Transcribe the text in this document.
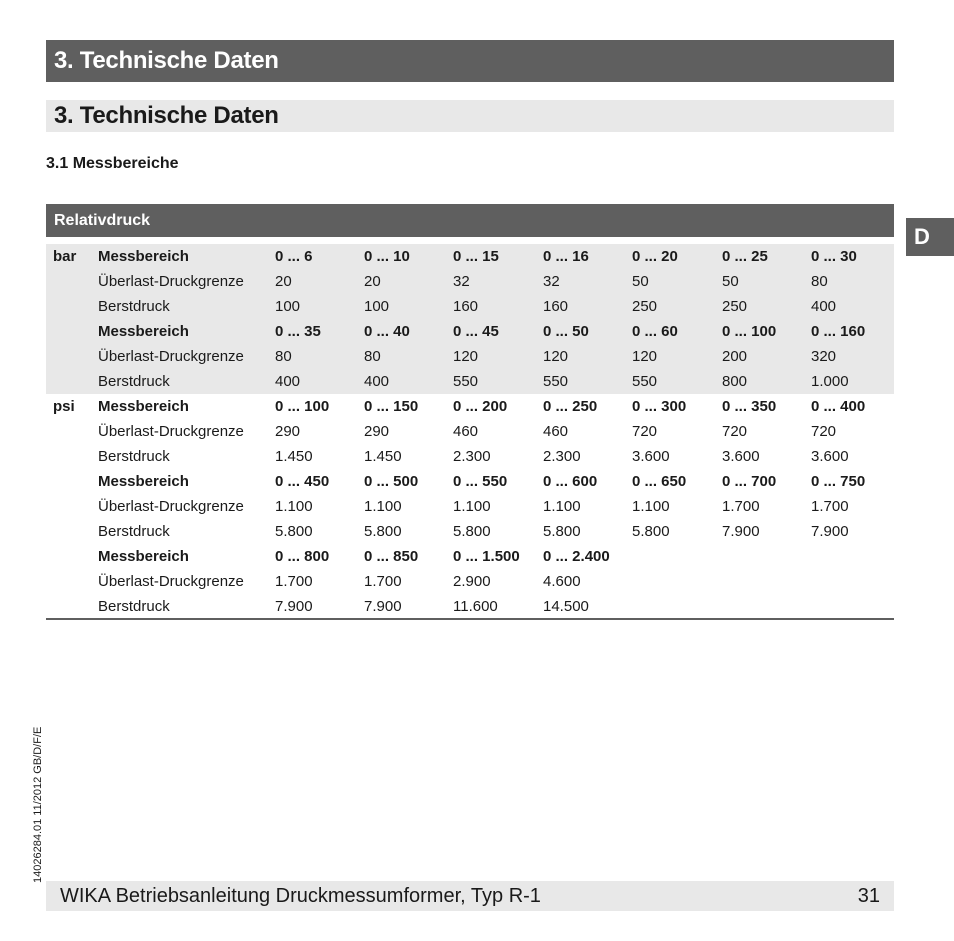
3. Technische Daten
3. Technische Daten
3.1 Messbereiche
Relativdruck
D
bar	Messbereich	0 ... 6	0 ... 10	0 ... 15	0 ... 16	0 ... 20	0 ... 25	0 ... 30
	Überlast-Druckgrenze	20	20	32	32	50	50	80
	Berstdruck	100	100	160	160	250	250	400
	Messbereich	0 ... 35	0 ... 40	0 ... 45	0 ... 50	0 ... 60	0 ... 100	0 ... 160
	Überlast-Druckgrenze	80	80	120	120	120	200	320
	Berstdruck	400	400	550	550	550	800	1.000
psi	Messbereich	0 ... 100	0 ... 150	0 ... 200	0 ... 250	0 ... 300	0 ... 350	0 ... 400
	Überlast-Druckgrenze	290	290	460	460	720	720	720
	Berstdruck	1.450	1.450	2.300	2.300	3.600	3.600	3.600
	Messbereich	0 ... 450	0 ... 500	0 ... 550	0 ... 600	0 ... 650	0 ... 700	0 ... 750
	Überlast-Druckgrenze	1.100	1.100	1.100	1.100	1.100	1.700	1.700
	Berstdruck	5.800	5.800	5.800	5.800	5.800	7.900	7.900
	Messbereich	0 ... 800	0 ... 850	0 ... 1.500	0 ... 2.400			
	Überlast-Druckgrenze	1.700	1.700	2.900	4.600			
	Berstdruck	7.900	7.900	11.600	14.500			
14026284.01 11/2012 GB/D/F/E
WIKA Betriebsanleitung Druckmessumformer, Typ R-1	31
